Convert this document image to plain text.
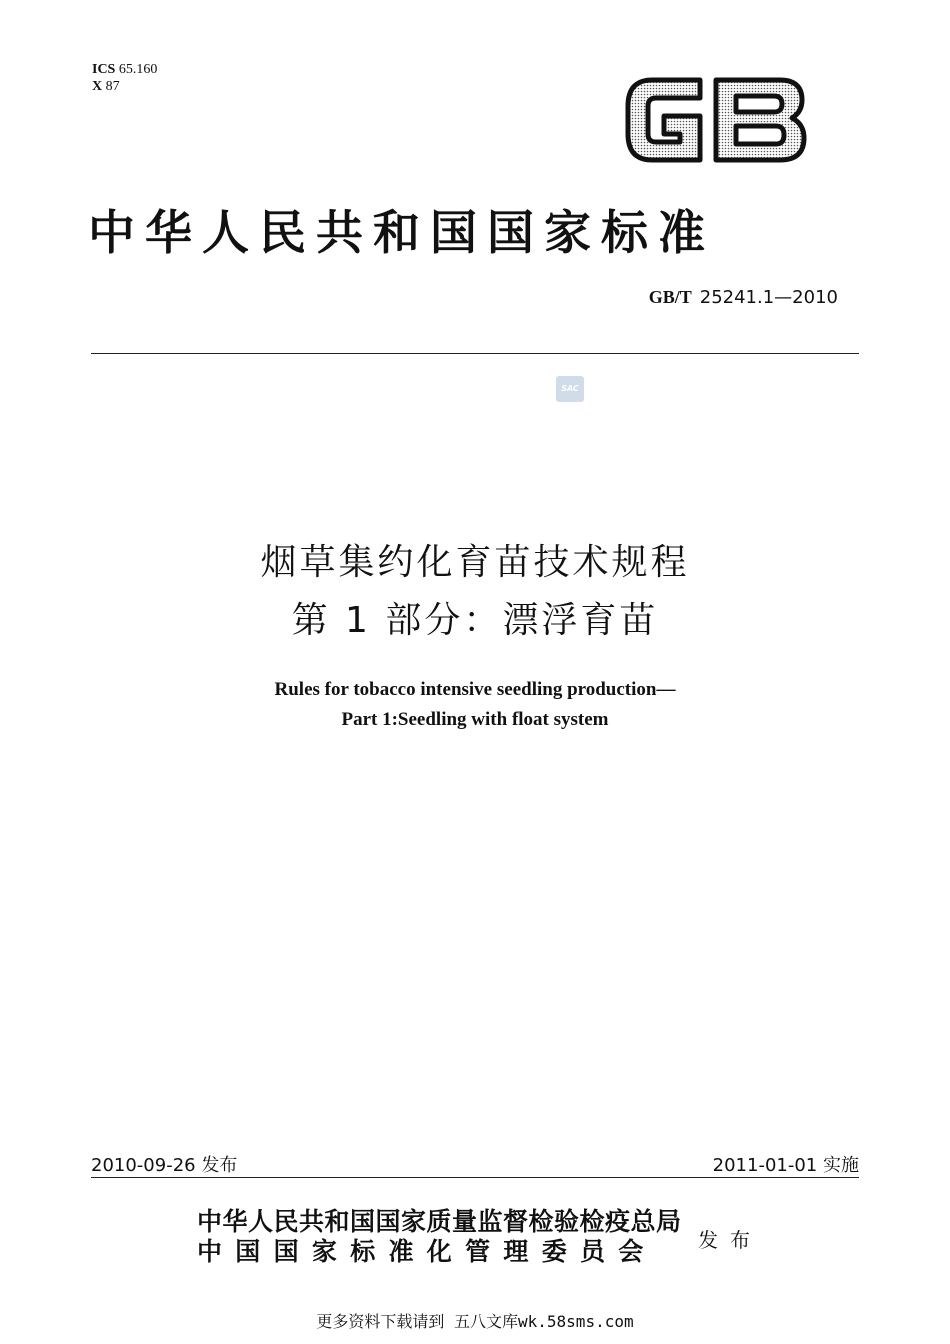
ICS 65.160
X 87
GB
中华人民共和国国家标准
GB/T 25241.1—2010
SAC
烟草集约化育苗技术规程
第 1 部分：漂浮育苗
Rules for tobacco intensive seedling production—
Part 1:Seedling with float system
2010-09-26 发布	2011-01-01 实施
中华人民共和国国家质量监督检验检疫总局
中国国家标准化管理委员会	发布
更多资料下载请到 五八文库wk.58sms.com
